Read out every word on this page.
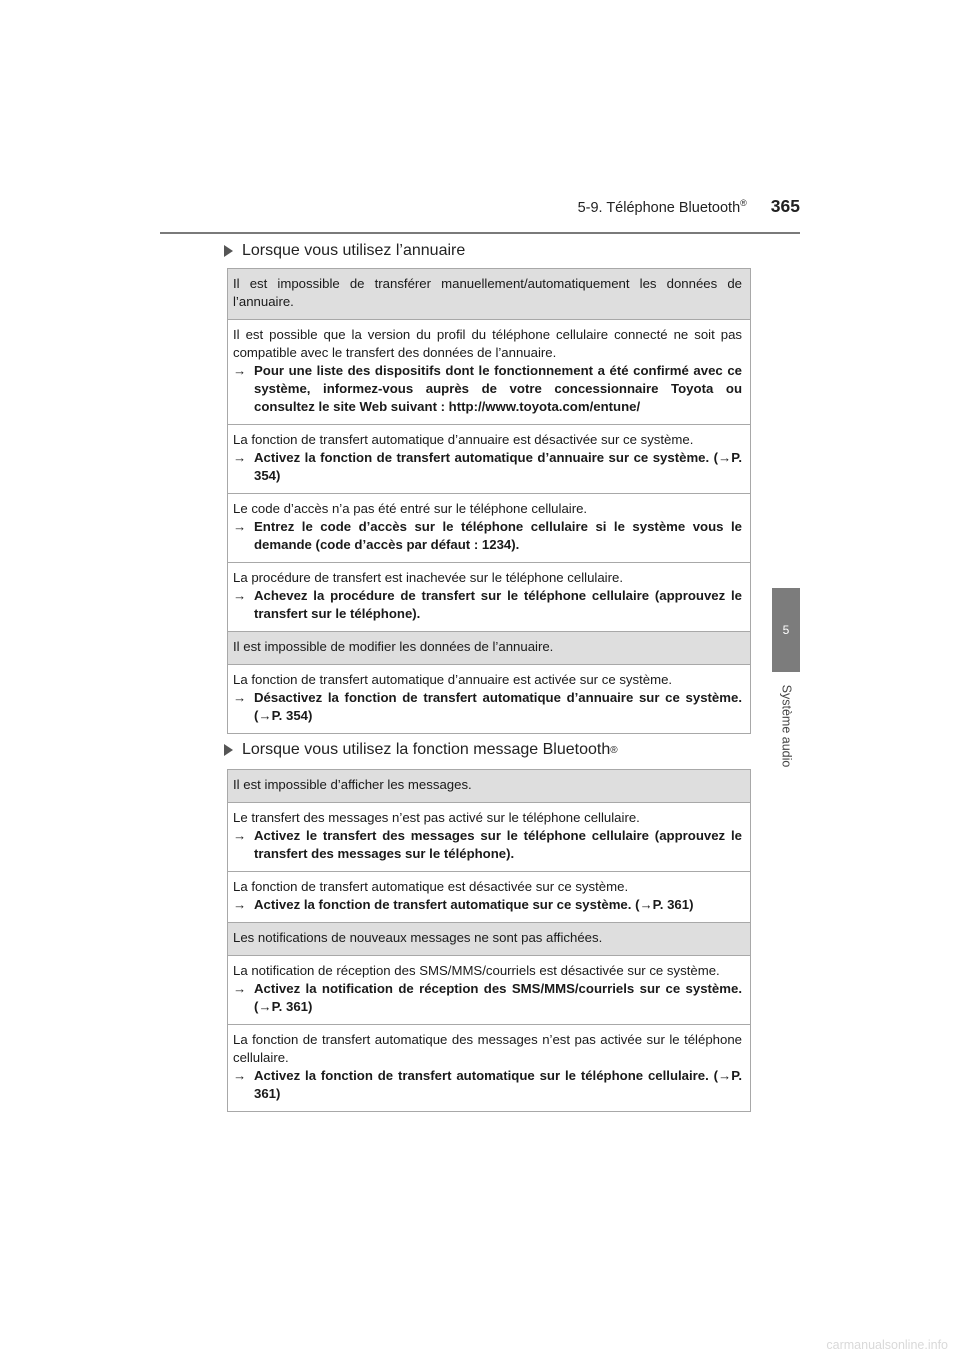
5-9. Téléphone Bluetooth® 365
5
Système audio
Lorsque vous utilisez l’annuaire
Il est impossible de transférer manuellement/automatiquement les données de l’annuaire.

Il est possible que la version du profil du téléphone cellulaire connecté ne soit pas compatible avec le transfert des données de l’annuaire.

→ Pour une liste des dispositifs dont le fonctionnement a été confirmé avec ce système, informez-vous auprès de votre concessionnaire Toyota ou consultez le site Web suivant : http://www.toyota.com/entune/

La fonction de transfert automatique d’annuaire est désactivée sur ce système.

→ Activez la fonction de transfert automatique d’annuaire sur ce système. (→P. 354)

Le code d’accès n’a pas été entré sur le téléphone cellulaire.

→ Entrez le code d’accès sur le téléphone cellulaire si le système vous le demande (code d’accès par défaut : 1234).

La procédure de transfert est inachevée sur le téléphone cellulaire.

→ Achevez la procédure de transfert sur le téléphone cellulaire (approuvez le transfert sur le téléphone).

Il est impossible de modifier les données de l’annuaire.

La fonction de transfert automatique d’annuaire est activée sur ce système.

→ Désactivez la fonction de transfert automatique d’annuaire sur ce système. (→P. 354)

Lorsque vous utilisez la fonction message Bluetooth ®
Il est impossible d’afficher les messages.

Le transfert des messages n’est pas activé sur le téléphone cellulaire.

→ Activez le transfert des messages sur le téléphone cellulaire (approuvez le transfert des messages sur le téléphone).

La fonction de transfert automatique est désactivée sur ce système.

→ Activez la fonction de transfert automatique sur ce système. (→P. 361)

Les notifications de nouveaux messages ne sont pas affichées.

La notification de réception des SMS/MMS/courriels est désactivée sur ce système.

→ Activez la notification de réception des SMS/MMS/courriels sur ce système. (→P. 361)

La fonction de transfert automatique des messages n’est pas activée sur le téléphone cellulaire.

→ Activez la fonction de transfert automatique sur le téléphone cellulaire. (→P. 361)

carmanualsonline.info
